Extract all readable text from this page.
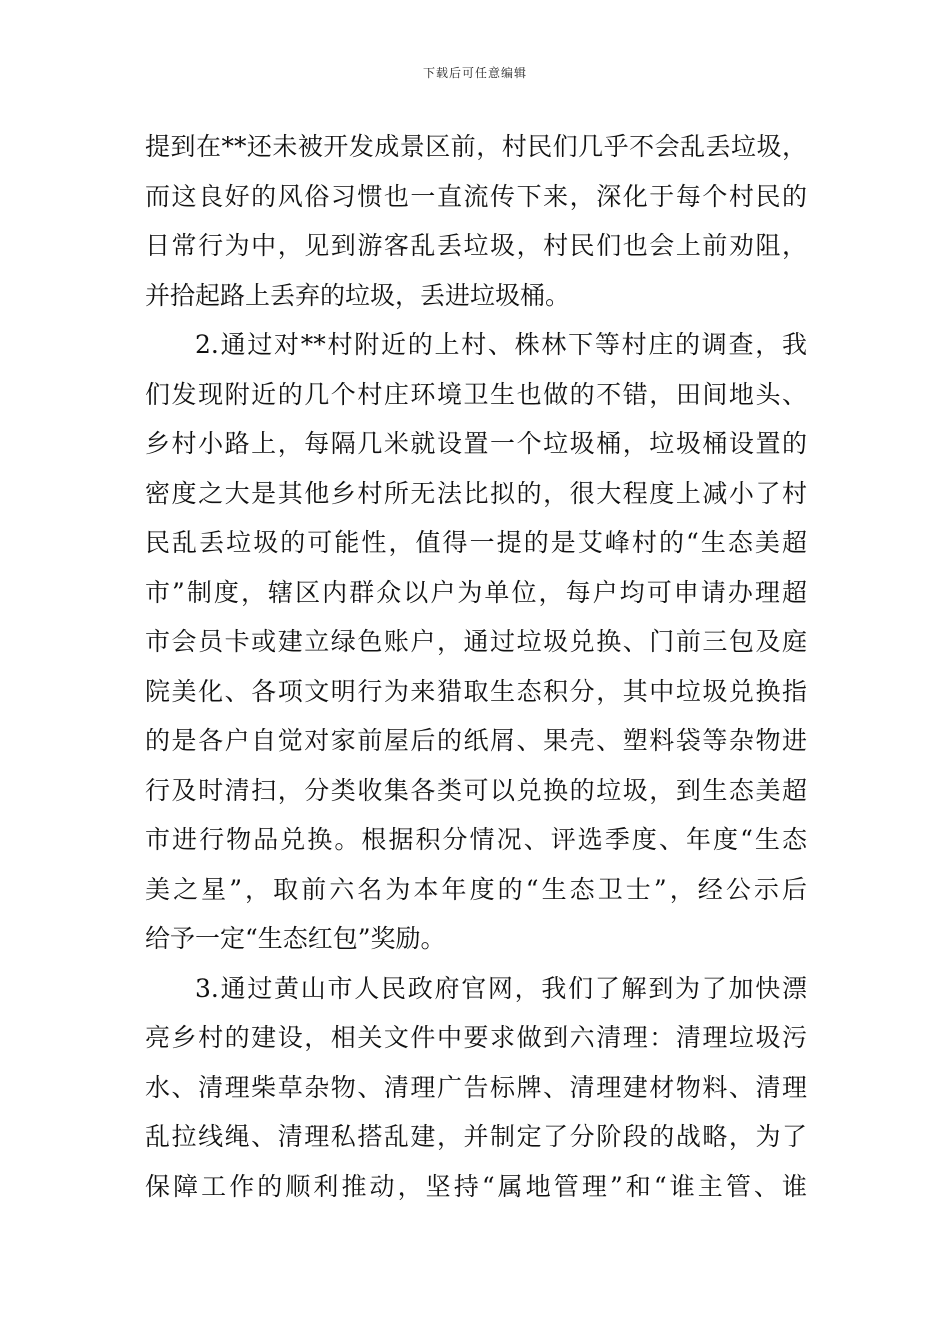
下载后可任意编辑
提到在**还未被开发成景区前，村民们几乎不会乱丢垃圾，
而这良好的风俗习惯也一直流传下来，深化于每个村民的
日常行为中，见到游客乱丢垃圾，村民们也会上前劝阻，
并拾起路上丢弃的垃圾，丢进垃圾桶。
2.通过对**村附近的上村、株林下等村庄的调查，我
们发现附近的几个村庄环境卫生也做的不错，田间地头、
乡村小路上，每隔几米就设置一个垃圾桶，垃圾桶设置的
密度之大是其他乡村所无法比拟的，很大程度上减小了村
民乱丢垃圾的可能性，值得一提的是艾峰村的“生态美超
市”制度，辖区内群众以户为单位，每户均可申请办理超
市会员卡或建立绿色账户，通过垃圾兑换、门前三包及庭
院美化、各项文明行为来猎取生态积分，其中垃圾兑换指
的是各户自觉对家前屋后的纸屑、果壳、塑料袋等杂物进
行及时清扫，分类收集各类可以兑换的垃圾，到生态美超
市进行物品兑换。根据积分情况、评选季度、年度“生态
美之星”，取前六名为本年度的“生态卫士”，经公示后
给予一定“生态红包”奖励。
3.通过黄山市人民政府官网，我们了解到为了加快漂
亮乡村的建设，相关文件中要求做到六清理：清理垃圾污
水、清理柴草杂物、清理广告标牌、清理建材物料、清理
乱拉线绳、清理私搭乱建，并制定了分阶段的战略，为了
保障工作的顺利推动，坚持“属地管理”和“谁主管、谁
